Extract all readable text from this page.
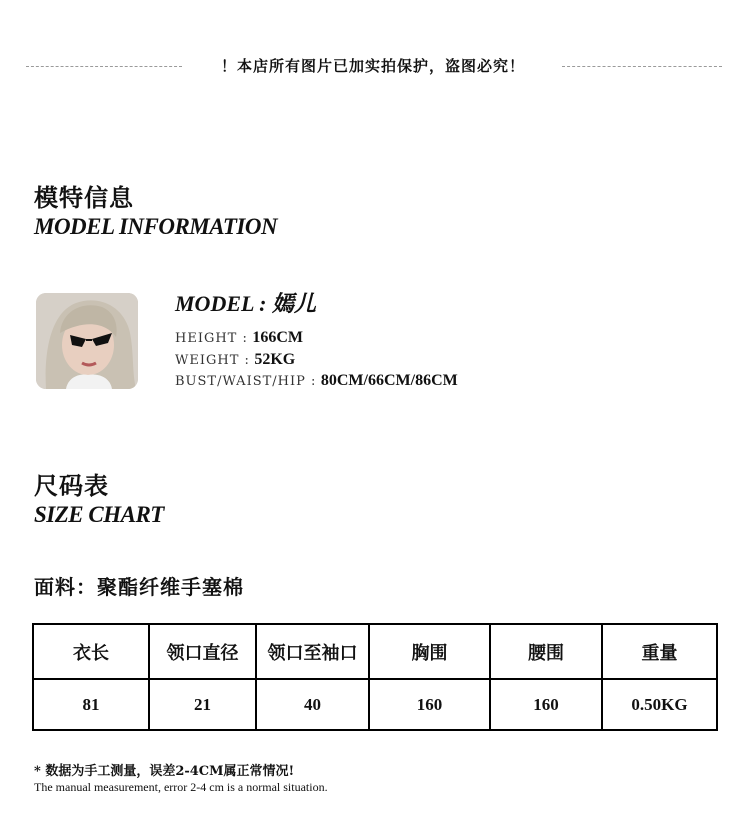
！本店所有图片已加实拍保护，盗图必究！
模特信息
MODEL INFORMATION
MODEL : 嫣儿
HEIGHT : 166CM
WEIGHT : 52KG
BUST/WAIST/HIP : 80CM/66CM/86CM
尺码表
SIZE CHART
面料：聚酯纤维手塞棉
衣长	领口直径	领口至袖口	胸围	腰围	重量
81	21	40	160	160	0.50KG
* 数据为手工测量，误差2-4CM属正常情况!
The manual measurement, error 2-4 cm is a normal situation.
